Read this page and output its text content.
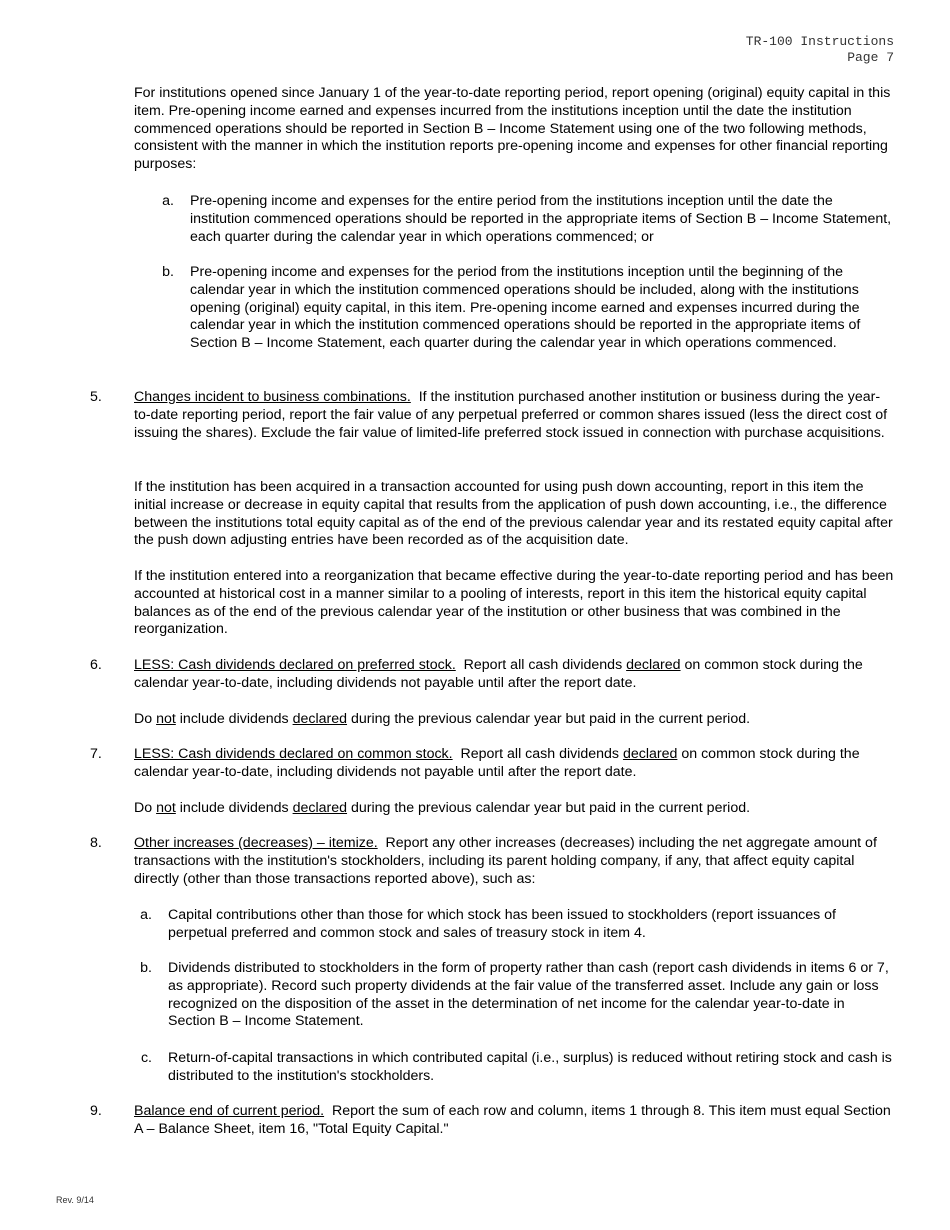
TR-100 Instructions
Page 7

For institutions opened since January 1 of the year-to-date reporting period, report opening (original) equity capital in this item. Pre-opening income earned and expenses incurred from the institutions inception until the date the institution commenced operations should be reported in Section B – Income Statement using one of the two following methods, consistent with the manner in which the institution reports pre-opening income and expenses for other financial reporting purposes:

a. Pre-opening income and expenses for the entire period from the institutions inception until the date the institution commenced operations should be reported in the appropriate items of Section B – Income Statement, each quarter during the calendar year in which operations commenced; or

b. Pre-opening income and expenses for the period from the institutions inception until the beginning of the calendar year in which the institution commenced operations should be included, along with the institutions opening (original) equity capital, in this item. Pre-opening income earned and expenses incurred during the calendar year in which the institution commenced operations should be reported in the appropriate items of Section B – Income Statement, each quarter during the calendar year in which operations commenced.

5. Changes incident to business combinations. If the institution purchased another institution or business during the year-to-date reporting period, report the fair value of any perpetual preferred or common shares issued (less the direct cost of issuing the shares). Exclude the fair value of limited-life preferred stock issued in connection with purchase acquisitions.

If the institution has been acquired in a transaction accounted for using push down accounting, report in this item the initial increase or decrease in equity capital that results from the application of push down accounting, i.e., the difference between the institutions total equity capital as of the end of the previous calendar year and its restated equity capital after the push down adjusting entries have been recorded as of the acquisition date.

If the institution entered into a reorganization that became effective during the year-to-date reporting period and has been accounted at historical cost in a manner similar to a pooling of interests, report in this item the historical equity capital balances as of the end of the previous calendar year of the institution or other business that was combined in the reorganization.

6. LESS: Cash dividends declared on preferred stock. Report all cash dividends declared on common stock during the calendar year-to-date, including dividends not payable until after the report date.

Do not include dividends declared during the previous calendar year but paid in the current period.

7. LESS: Cash dividends declared on common stock. Report all cash dividends declared on common stock during the calendar year-to-date, including dividends not payable until after the report date.

Do not include dividends declared during the previous calendar year but paid in the current period.

8. Other increases (decreases) – itemize. Report any other increases (decreases) including the net aggregate amount of transactions with the institution's stockholders, including its parent holding company, if any, that affect equity capital directly (other than those transactions reported above), such as:

a. Capital contributions other than those for which stock has been issued to stockholders (report issuances of perpetual preferred and common stock and sales of treasury stock in item 4.

b. Dividends distributed to stockholders in the form of property rather than cash (report cash dividends in items 6 or 7, as appropriate). Record such property dividends at the fair value of the transferred asset. Include any gain or loss recognized on the disposition of the asset in the determination of net income for the calendar year-to-date in Section B – Income Statement.

c. Return-of-capital transactions in which contributed capital (i.e., surplus) is reduced without retiring stock and cash is distributed to the institution's stockholders.

9. Balance end of current period. Report the sum of each row and column, items 1 through 8. This item must equal Section A – Balance Sheet, item 16, "Total Equity Capital."

Rev. 9/14
